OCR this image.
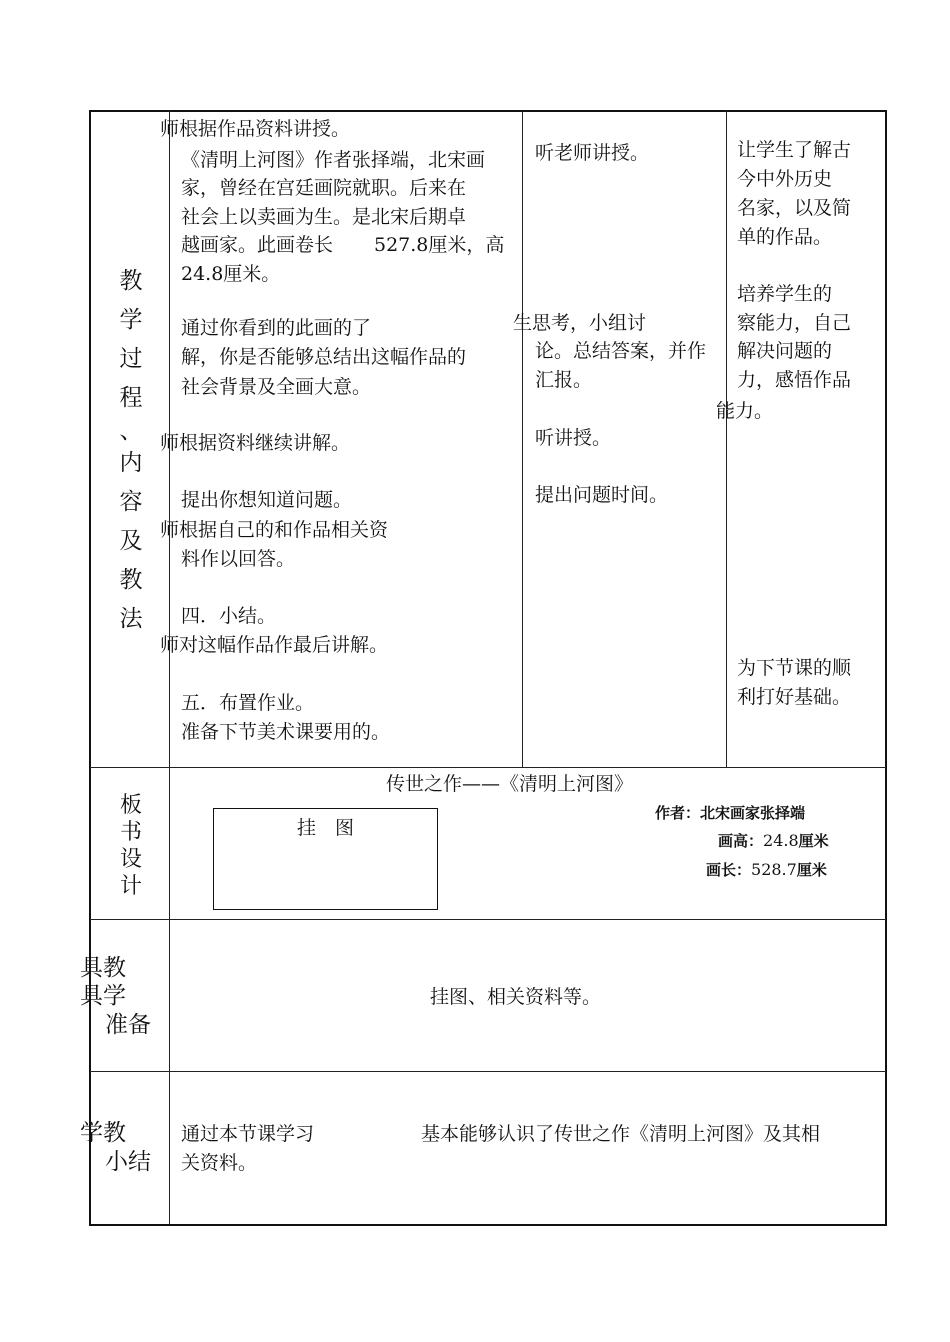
教
学
过
程
、
内
容
及
教
法
师根据作品资料讲授。
《清明上河图》作者张择端，北宋画
家，曾经在宫廷画院就职。后来在
社会上以卖画为生。是北宋后期卓
越画家。此画卷长 527.8厘米，高
24.8厘米。
通过你看到的此画的了
解，你是否能够总结出这幅作品的
社会背景及全画大意。
师根据资料继续讲解。
提出你想知道问题。
师根据自己的和作品相关资
料作以回答。
四．小结。
师对这幅作品作最后讲解。
五．布置作业。
准备下节美术课要用的。
听老师讲授。
生思考，小组讨
论。总结答案，并作
汇报。
听讲授。
提出问题时间。
让学生了解古
今中外历史
名家，以及简
单的作品。
培养学生的
察能力，自己
解决问题的
力，感悟作品
能力。
为下节课的顺
利打好基础。
板
书
设
计
传世之作——《清明上河图》
挂　图
作者：北宋画家张择端
画高：24.8厘米
画长：528.7厘米
具教
具学
准备
挂图、相关资料等。
学教
小结
通过本节课学习	基本能够认识了传世之作《清明上河图》及其相
关资料。
